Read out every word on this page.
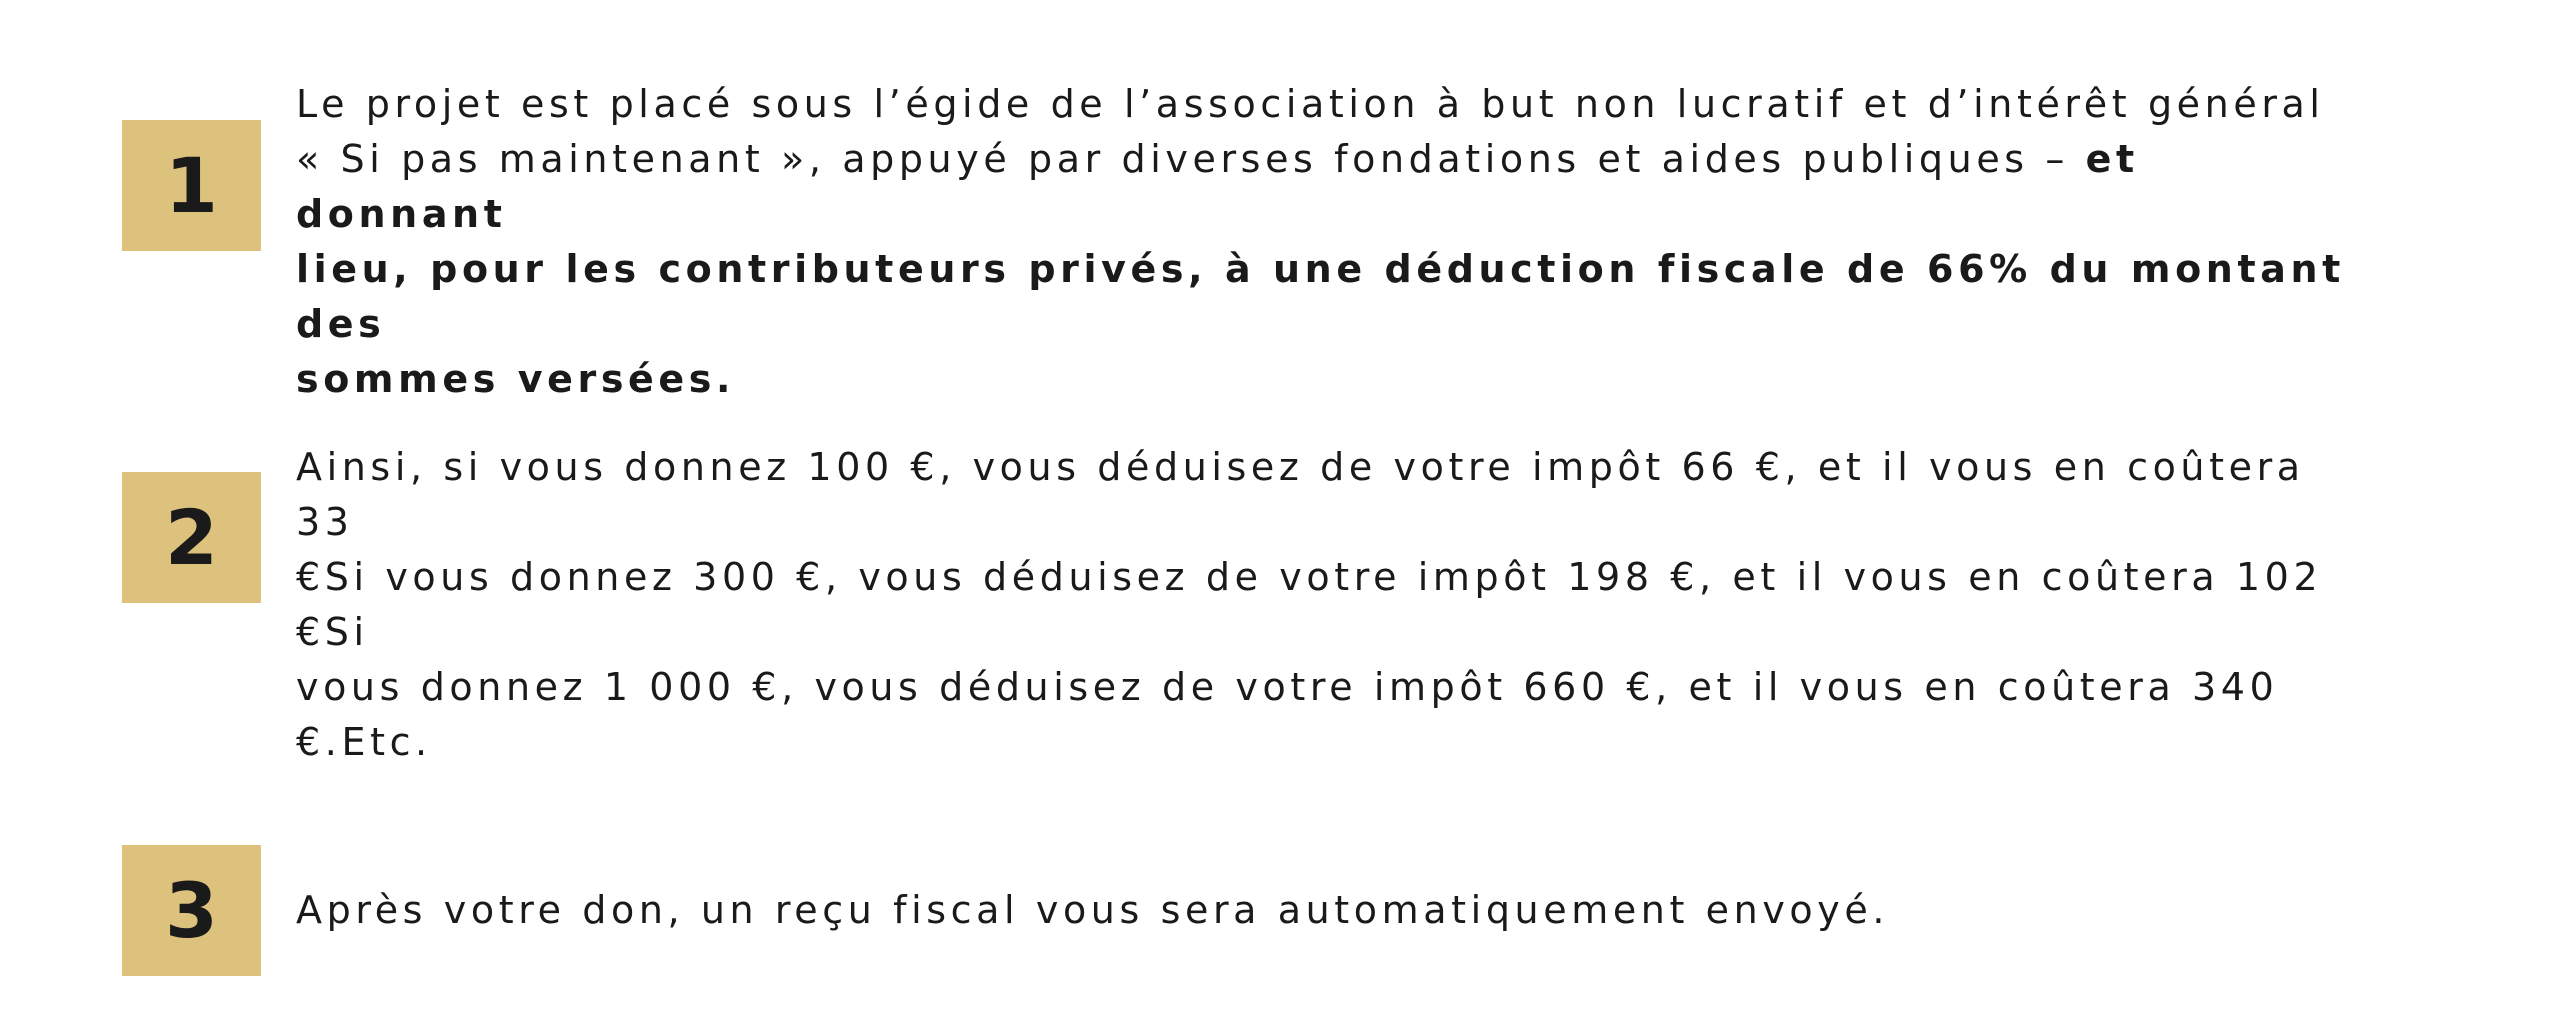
1

Le projet est placé sous l’égide de l’association à but non lucratif et d’intérêt général
« Si pas maintenant », appuyé par diverses fondations et aides publiques – et donnant
lieu, pour les contributeurs privés, à une déduction fiscale de 66% du montant des
sommes versées.

2

Ainsi, si vous donnez 100 €, vous déduisez de votre impôt 66 €, et il vous en coûtera 33
€Si vous donnez 300 €, vous déduisez de votre impôt 198 €, et il vous en coûtera 102 €Si
vous donnez 1 000 €, vous déduisez de votre impôt 660 €, et il vous en coûtera 340
€.Etc.

3	Après votre don, un reçu fiscal vous sera automatiquement envoyé.
